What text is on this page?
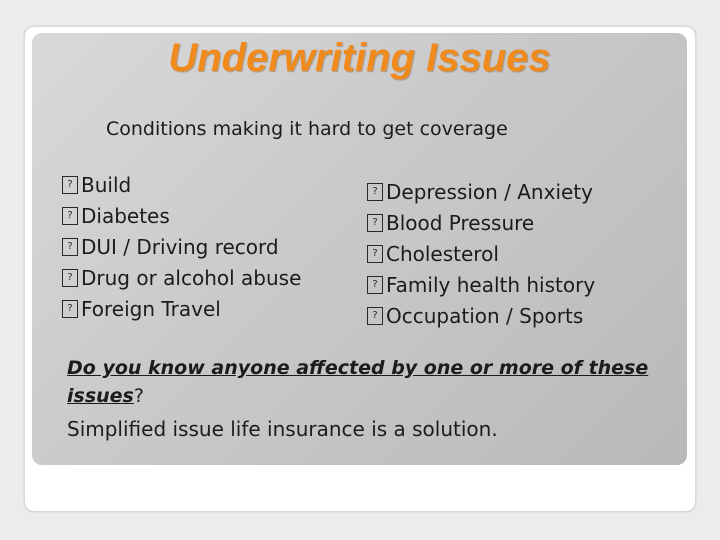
Underwriting Issues
Conditions making it hard to get coverage
?Build
?Diabetes
?DUI / Driving record
?Drug or alcohol abuse
?Foreign Travel
?Depression / Anxiety
?Blood Pressure
?Cholesterol
?Family health history
?Occupation / Sports
Do you know anyone affected by one or more of these issues?
Simplified issue life insurance is a solution.
